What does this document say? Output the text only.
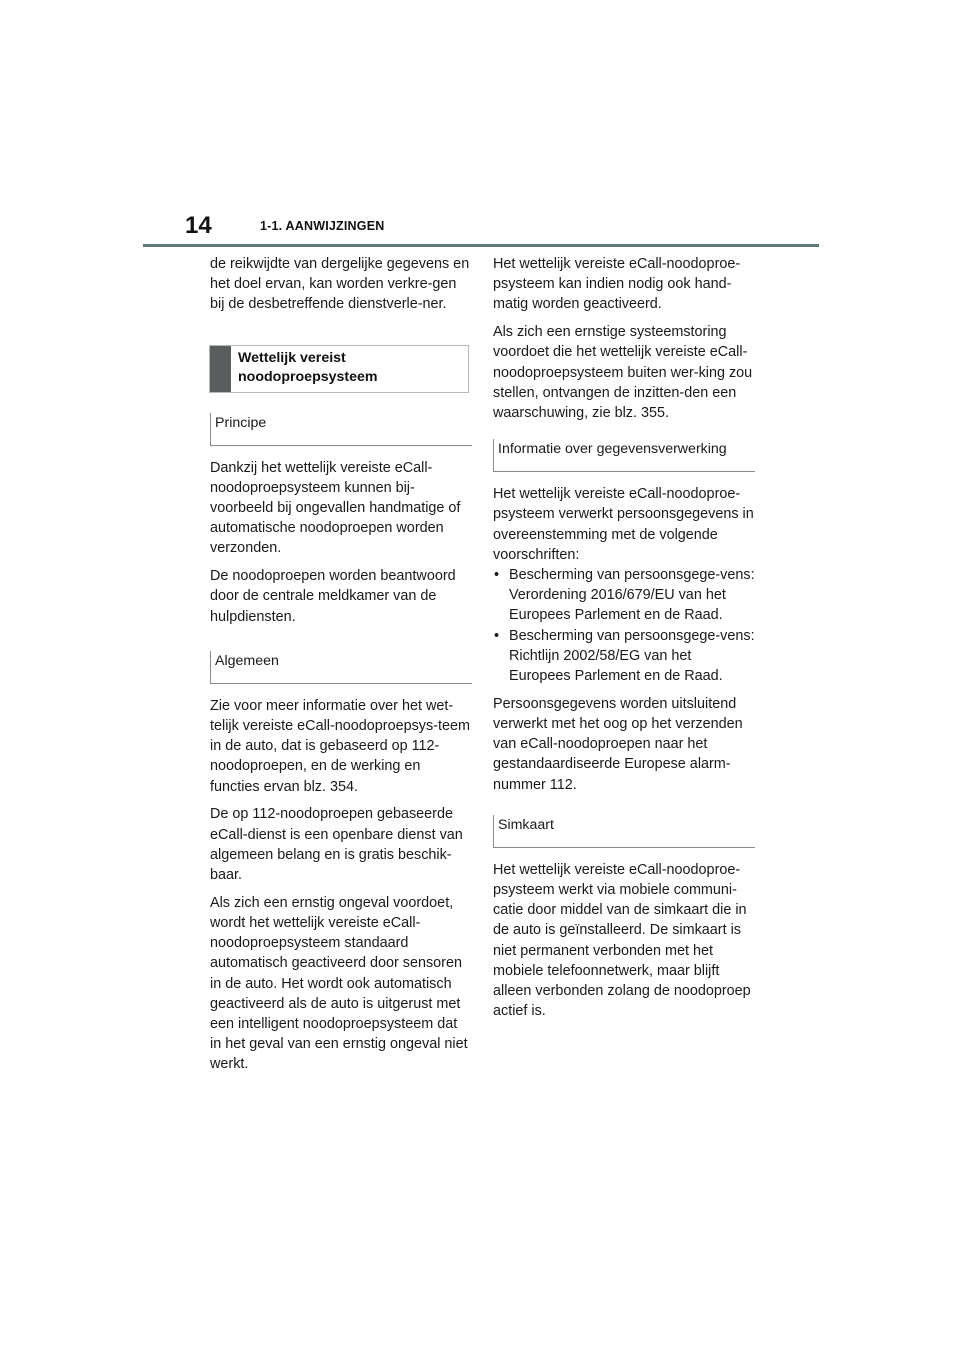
14	1-1. AANWIJZINGEN

de reikwijdte van dergelijke gegevens en het doel ervan, kan worden verkre-gen bij de desbetreffende dienstverle-ner.

Wettelijk vereist noodoproepsysteem
Principe

Dankzij het wettelijk vereiste eCall-noodoproepsysteem kunnen bij-voorbeeld bij ongevallen handmatige of automatische noodoproepen worden verzonden.

De noodoproepen worden beantwoord door de centrale meldkamer van de hulpdiensten.

Algemeen

Zie voor meer informatie over het wet-telijk vereiste eCall-noodoproepsys-teem in de auto, dat is gebaseerd op 112-noodoproepen, en de werking en functies ervan blz. 354.

De op 112-noodoproepen gebaseerde eCall-dienst is een openbare dienst van algemeen belang en is gratis beschik-baar.

Als zich een ernstig ongeval voordoet, wordt het wettelijk vereiste eCall-noodoproepsysteem standaard automatisch geactiveerd door sensoren in de auto. Het wordt ook automatisch geactiveerd als de auto is uitgerust met een intelligent noodoproepsysteem dat in het geval van een ernstig ongeval niet werkt.

Het wettelijk vereiste eCall-noodoproe-psysteem kan indien nodig ook hand-matig worden geactiveerd.

Als zich een ernstige systeemstoring voordoet die het wettelijk vereiste eCall-noodoproepsysteem buiten wer-king zou stellen, ontvangen de inzitten-den een waarschuwing, zie blz. 355.

Informatie over gegevensverwerking

Het wettelijk vereiste eCall-noodoproe-psysteem verwerkt persoonsgegevens in overeenstemming met de volgende voorschriften:

• Bescherming van persoonsgege-vens: Verordening 2016/679/EU van het Europees Parlement en de Raad.
• Bescherming van persoonsgege-vens: Richtlijn 2002/58/EG van het Europees Parlement en de Raad.

Persoonsgegevens worden uitsluitend verwerkt met het oog op het verzenden van eCall-noodoproepen naar het gestandaardiseerde Europese alarm-nummer 112.

Simkaart

Het wettelijk vereiste eCall-noodoproe-psysteem werkt via mobiele communi-catie door middel van de simkaart die in de auto is geïnstalleerd. De simkaart is niet permanent verbonden met het mobiele telefoonnetwerk, maar blijft alleen verbonden zolang de noodoproep actief is.
